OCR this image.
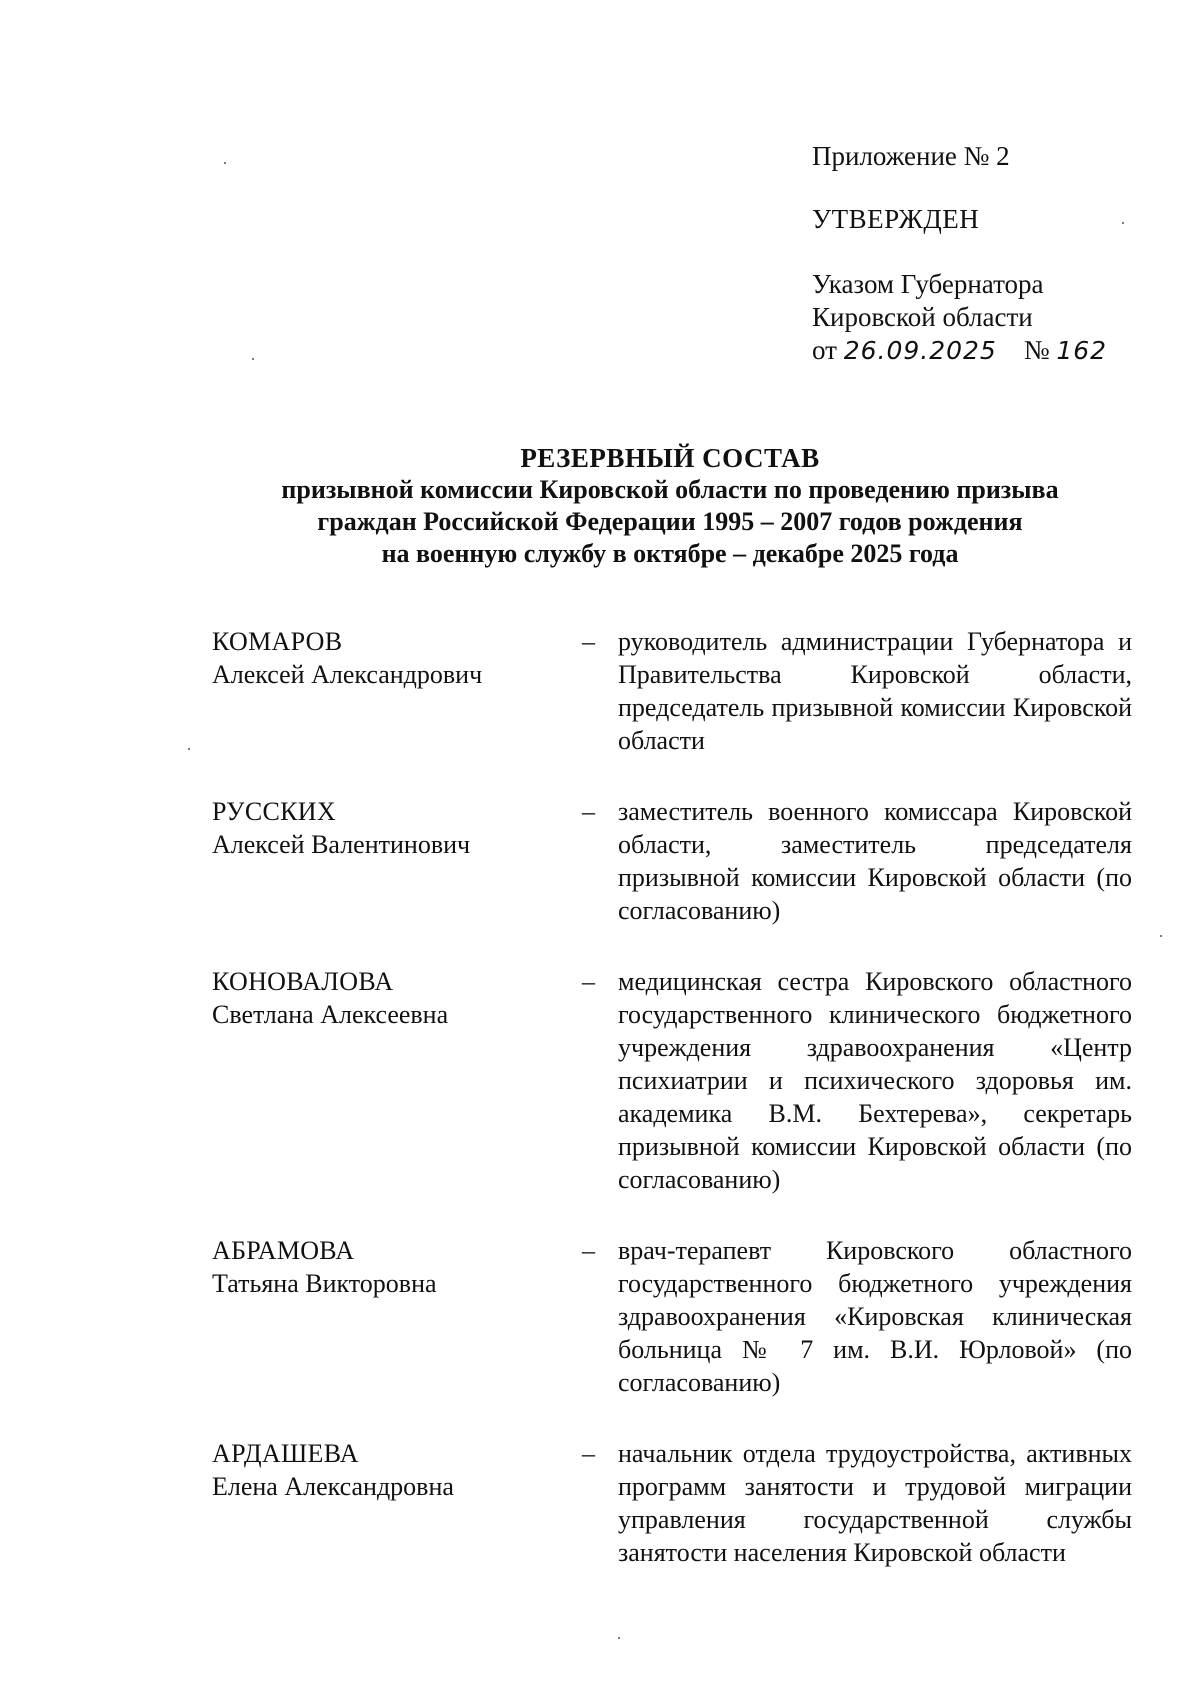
Приложение № 2

УТВЕРЖДЕН

Указом Губернатора

Кировской области

от 26.09.2025 № 162

РЕЗЕРВНЫЙ СОСТАВ
призывной комиссии Кировской области по проведению призыва
граждан Российской Федерации 1995 – 2007 годов рождения
на военную службу в октябре – декабре 2025 года
КОМАРОВ
Алексей Александрович
– руководитель администрации Губернатора и Правительства Кировской области, председатель призывной комиссии Кировской области
РУССКИХ
Алексей Валентинович
– заместитель военного комиссара Кировской области, заместитель председателя призывной комиссии Кировской области (по согласованию)
КОНОВАЛОВА
Светлана Алексеевна
– медицинская сестра Кировского областного государственного клинического бюджетного учреждения здравоохранения «Центр психиатрии и психического здоровья им. академика В.М. Бехтерева», секретарь призывной комиссии Кировской области (по согласованию)
АБРАМОВА
Татьяна Викторовна
– врач-терапевт Кировского областного государственного бюджетного учреждения здравоохранения «Кировская клиническая больница № 7 им. В.И. Юрловой» (по согласованию)
АРДАШЕВА
Елена Александровна
– начальник отдела трудоустройства, активных программ занятости и трудовой миграции управления государственной службы занятости населения Кировской области
